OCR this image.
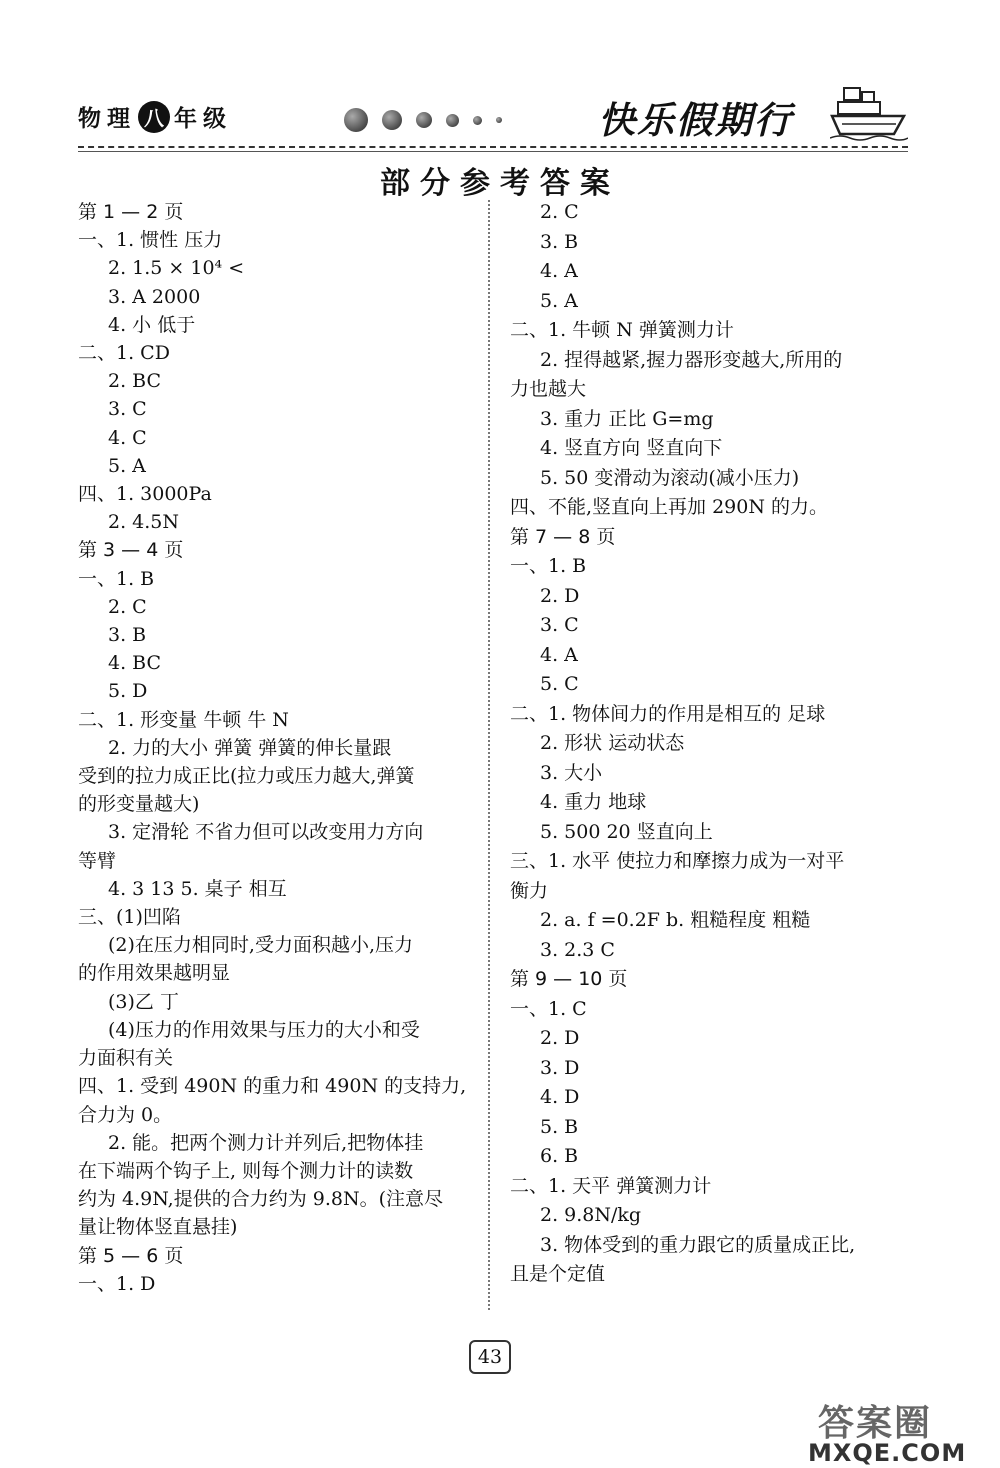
物理 八 年级	快乐假期行
部分参考答案
第 1 — 2 页
一、1. 惯性 压力
2. 1.5 × 10⁴ <
3. A 2000
4. 小 低于
二、1. CD
2. BC
3. C
4. C
5. A
四、1. 3000Pa
2. 4.5N
第 3 — 4 页
一、1. B
2. C
3. B
4. BC
5. D
二、1. 形变量 牛顿 牛 N
2. 力的大小 弹簧 弹簧的伸长量跟
受到的拉力成正比(拉力或压力越大,弹簧
的形变量越大)
3. 定滑轮 不省力但可以改变用力方向
等臂
4. 3 13 5. 桌子 相互
三、(1)凹陷
(2)在压力相同时,受力面积越小,压力
的作用效果越明显
(3)乙 丁
(4)压力的作用效果与压力的大小和受
力面积有关
四、1. 受到 490N 的重力和 490N 的支持力,
合力为 0。
2. 能。把两个测力计并列后,把物体挂
在下端两个钩子上, 则每个测力计的读数
约为 4.9N,提供的合力约为 9.8N。(注意尽
量让物体竖直悬挂)
第 5 — 6 页
一、1. D
2. C
3. B
4. A
5. A
二、1. 牛顿 N 弹簧测力计
2. 捏得越紧,握力器形变越大,所用的
力也越大
3. 重力 正比 G=mg
4. 竖直方向 竖直向下
5. 50 变滑动为滚动(减小压力)
四、不能,竖直向上再加 290N 的力。
第 7 — 8 页
一、1. B
2. D
3. C
4. A
5. C
二、1. 物体间力的作用是相互的 足球
2. 形状 运动状态
3. 大小
4. 重力 地球
5. 500 20 竖直向上
三、1. 水平 使拉力和摩擦力成为一对平
衡力
2. a. f =0.2F b. 粗糙程度 粗糙
3. 2.3 C
第 9 — 10 页
一、1. C
2. D
3. D
4. D
5. B
6. B
二、1. 天平 弹簧测力计
2. 9.8N/kg
3. 物体受到的重力跟它的质量成正比,
且是个定值
43
答案圈
MXQE.COM
